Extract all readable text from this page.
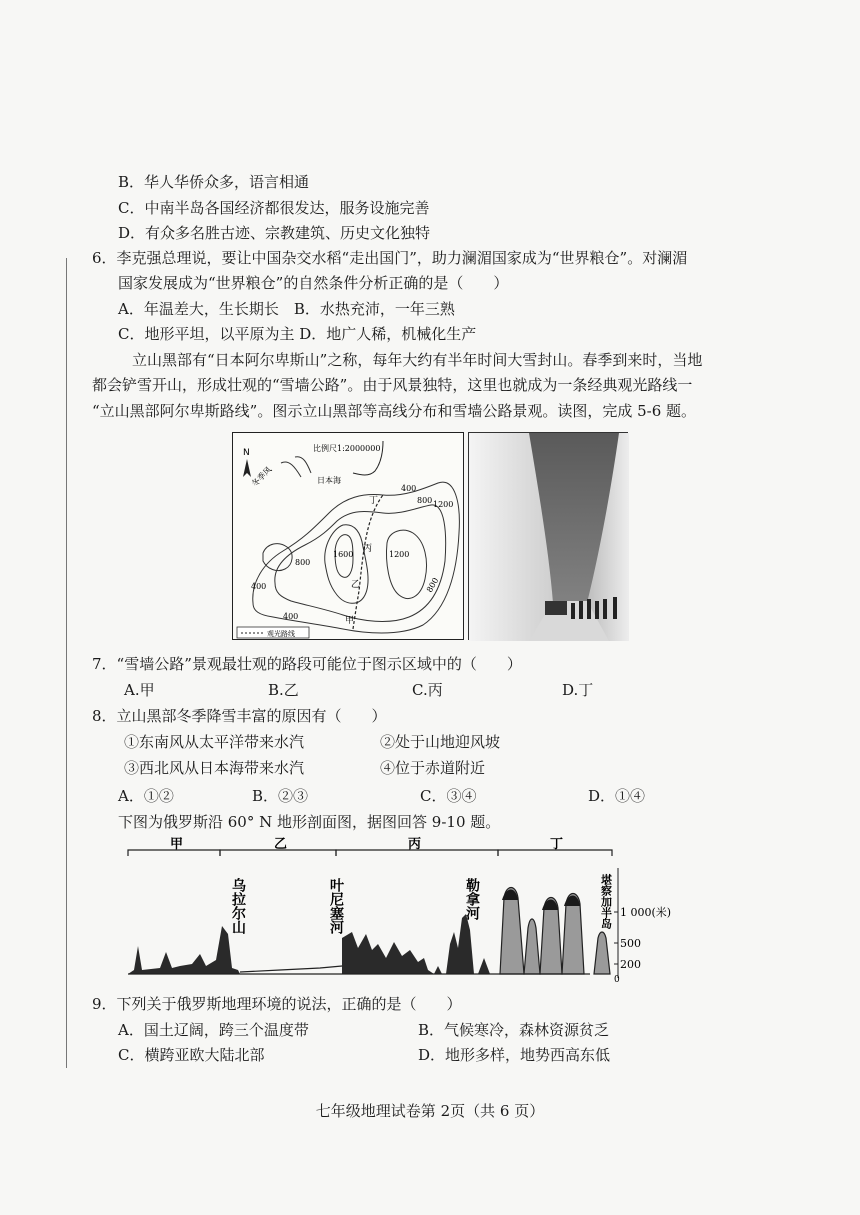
B．华人华侨众多，语言相通
C．中南半岛各国经济都很发达，服务设施完善
D．有众多名胜古迹、宗教建筑、历史文化独特
6．李克强总理说，要让中国杂交水稻“走出国门”，助力澜湄国家成为“世界粮仓”。对澜湄
国家发展成为“世界粮仓”的自然条件分析正确的是（　　）
A．年温差大，生长期长　B．水热充沛，一年三熟
C．地形平坦，以平原为主 D．地广人稀，机械化生产
立山黑部有“日本阿尔卑斯山”之称，每年大约有半年时间大雪封山。春季到来时，当地
都会铲雪开山，形成壮观的“雪墙公路”。由于风景独特，这里也就成为一条经典观光路线一
“立山黑部阿尔卑斯路线”。图示立山黑部等高线分布和雪墙公路景观。读图，完成 5-6 题。
N
冬季风
比例尺1:2000000
日本海
400
800 1200
1600	1200
800
400
800
400
丁
丙
乙
甲
观光路线
7．“雪墙公路”景观最壮观的路段可能位于图示区域中的（　　）
A.甲	B.乙	C.丙	D.丁
8．立山黑部冬季降雪丰富的原因有（　　）
①东南风从太平洋带来水汽	②处于山地迎风坡
③西北风从日本海带来水汽	④位于赤道附近
A．①②	B．②③	C．③④	D．①④
下图为俄罗斯沿 60° N 地形剖面图，据图回答 9-10 题。
甲	乙	丙	丁
1 000(米)
500
200
0
乌拉尔山	叶尼塞河	勒拿河	堪察加半岛
9．下列关于俄罗斯地理环境的说法，正确的是（　　）
A．国土辽阔，跨三个温度带	B．气候寒冷，森林资源贫乏
C．横跨亚欧大陆北部	D．地形多样，地势西高东低
七年级地理试卷第 2页（共 6 页）
